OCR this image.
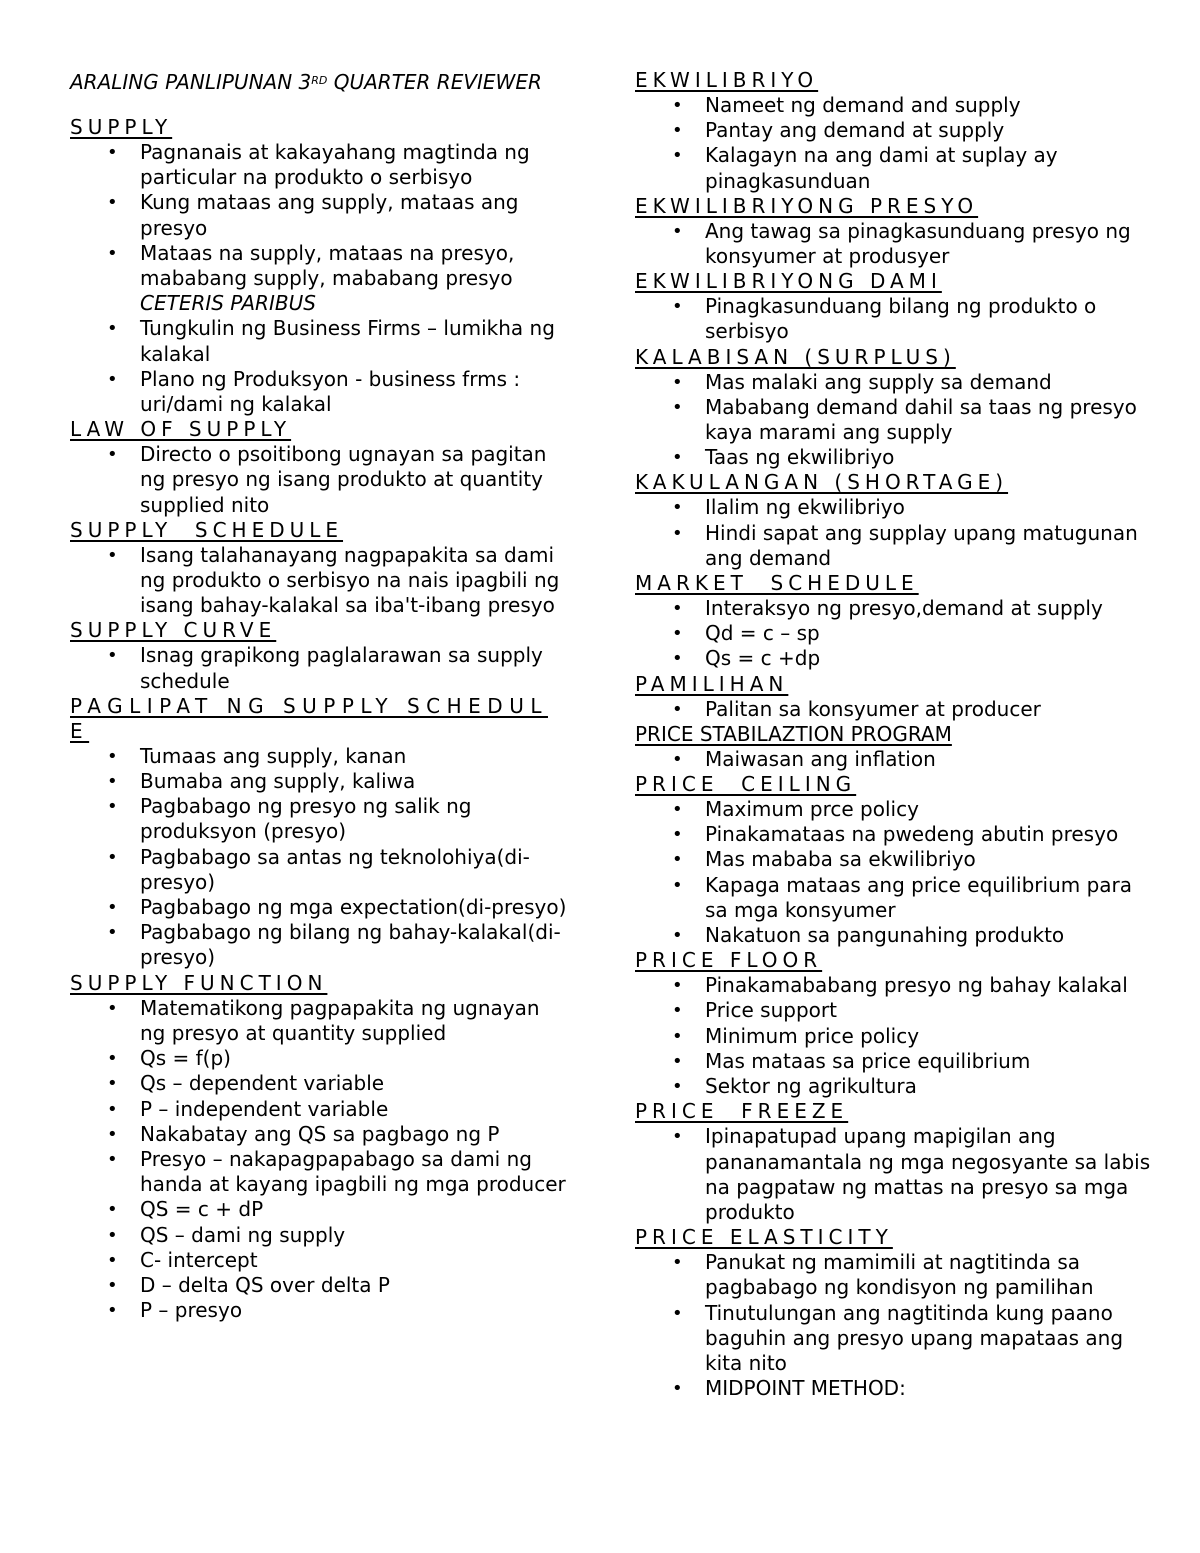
ARALING PANLIPUNAN 3RD QUARTER REVIEWER
SUPPLY
• Pagnanais at kakayahang magtinda ng particular na produkto o serbisyo
• Kung mataas ang supply, mataas ang presyo
• Mataas na supply, mataas na presyo, mababang supply, mababang presyo
CETERIS PARIBUS
• Tungkulin ng Business Firms – lumikha ng kalakal
• Plano ng Produksyon - business frms : uri/dami ng kalakal
LAW OF SUPPLY
• Directo o psoitibong ugnayan sa pagitan ng presyo ng isang produkto at quantity supplied nito
SUPPLY  SCHEDULE
• Isang talahanayang nagpapakita sa dami ng produkto o serbisyo na nais ipagbili ng isang bahay-kalakal sa iba't-ibang presyo
SUPPLY CURVE
• Isnag grapikong paglalarawan sa supply schedule
PAGLIPAT NG SUPPLY SCHEDULE
• Tumaas ang supply, kanan
• Bumaba ang supply, kaliwa
• Pagbabago ng presyo ng salik ng produksyon (presyo)
• Pagbabago sa antas ng teknolohiya(di-presyo)
• Pagbabago ng mga expectation(di-presyo)
• Pagbabago ng bilang ng bahay-kalakal(di-presyo)
SUPPLY FUNCTION
• Matematikong pagpapakita ng ugnayan ng presyo at quantity supplied
• Qs = f(p)
• Qs – dependent variable
• P – independent variable
• Nakabatay ang QS sa pagbago ng P
• Presyo – nakapagpapabago sa dami ng handa at kayang ipagbili ng mga producer
• QS = c + dP
• QS – dami ng supply
• C- intercept
• D – delta QS over delta P
• P – presyo
EKWILIBRIYO
• Nameet ng demand and supply
• Pantay ang demand at supply
• Kalagayn na ang dami at suplay ay pinagkasunduan
EKWILIBRIYONG PRESYO
• Ang tawag sa pinagkasunduang presyo ng konsyumer at produsyer
EKWILIBRIYONG DAMI
• Pinagkasunduang bilang ng produkto o serbisyo
KALABISAN (SURPLUS)
• Mas malaki ang supply sa demand
• Mababang demand dahil sa taas ng presyo kaya marami ang supply
• Taas ng ekwilibriyo
KAKULANGAN (SHORTAGE)
• Ilalim ng ekwilibriyo
• Hindi sapat ang supplay upang matugunan ang demand
MARKET  SCHEDULE
• Interaksyo ng presyo,demand at supply
• Qd = c – sp
• Qs = c +dp
PAMILIHAN
• Palitan sa konsyumer at producer
PRICE STABILAZTION PROGRAM
• Maiwasan ang inflation
PRICE  CEILING
• Maximum prce policy
• Pinakamataas na pwedeng abutin presyo
• Mas mababa sa ekwilibriyo
• Kapaga mataas ang price equilibrium para sa mga konsyumer
• Nakatuon sa pangunahing produkto
PRICE FLOOR
• Pinakamababang presyo ng bahay kalakal
• Price support
• Minimum price policy
• Mas mataas sa price equilibrium
• Sektor ng agrikultura
PRICE  FREEZE
• Ipinapatupad upang mapigilan ang pananamantala ng mga negosyante sa labis na pagpataw ng mattas na presyo sa mga produkto
PRICE ELASTICITY
• Panukat ng mamimili at nagtitinda sa pagbabago ng kondisyon ng pamilihan
• Tinutulungan ang nagtitinda kung paano baguhin ang presyo upang mapataas ang kita nito
• MIDPOINT METHOD:
